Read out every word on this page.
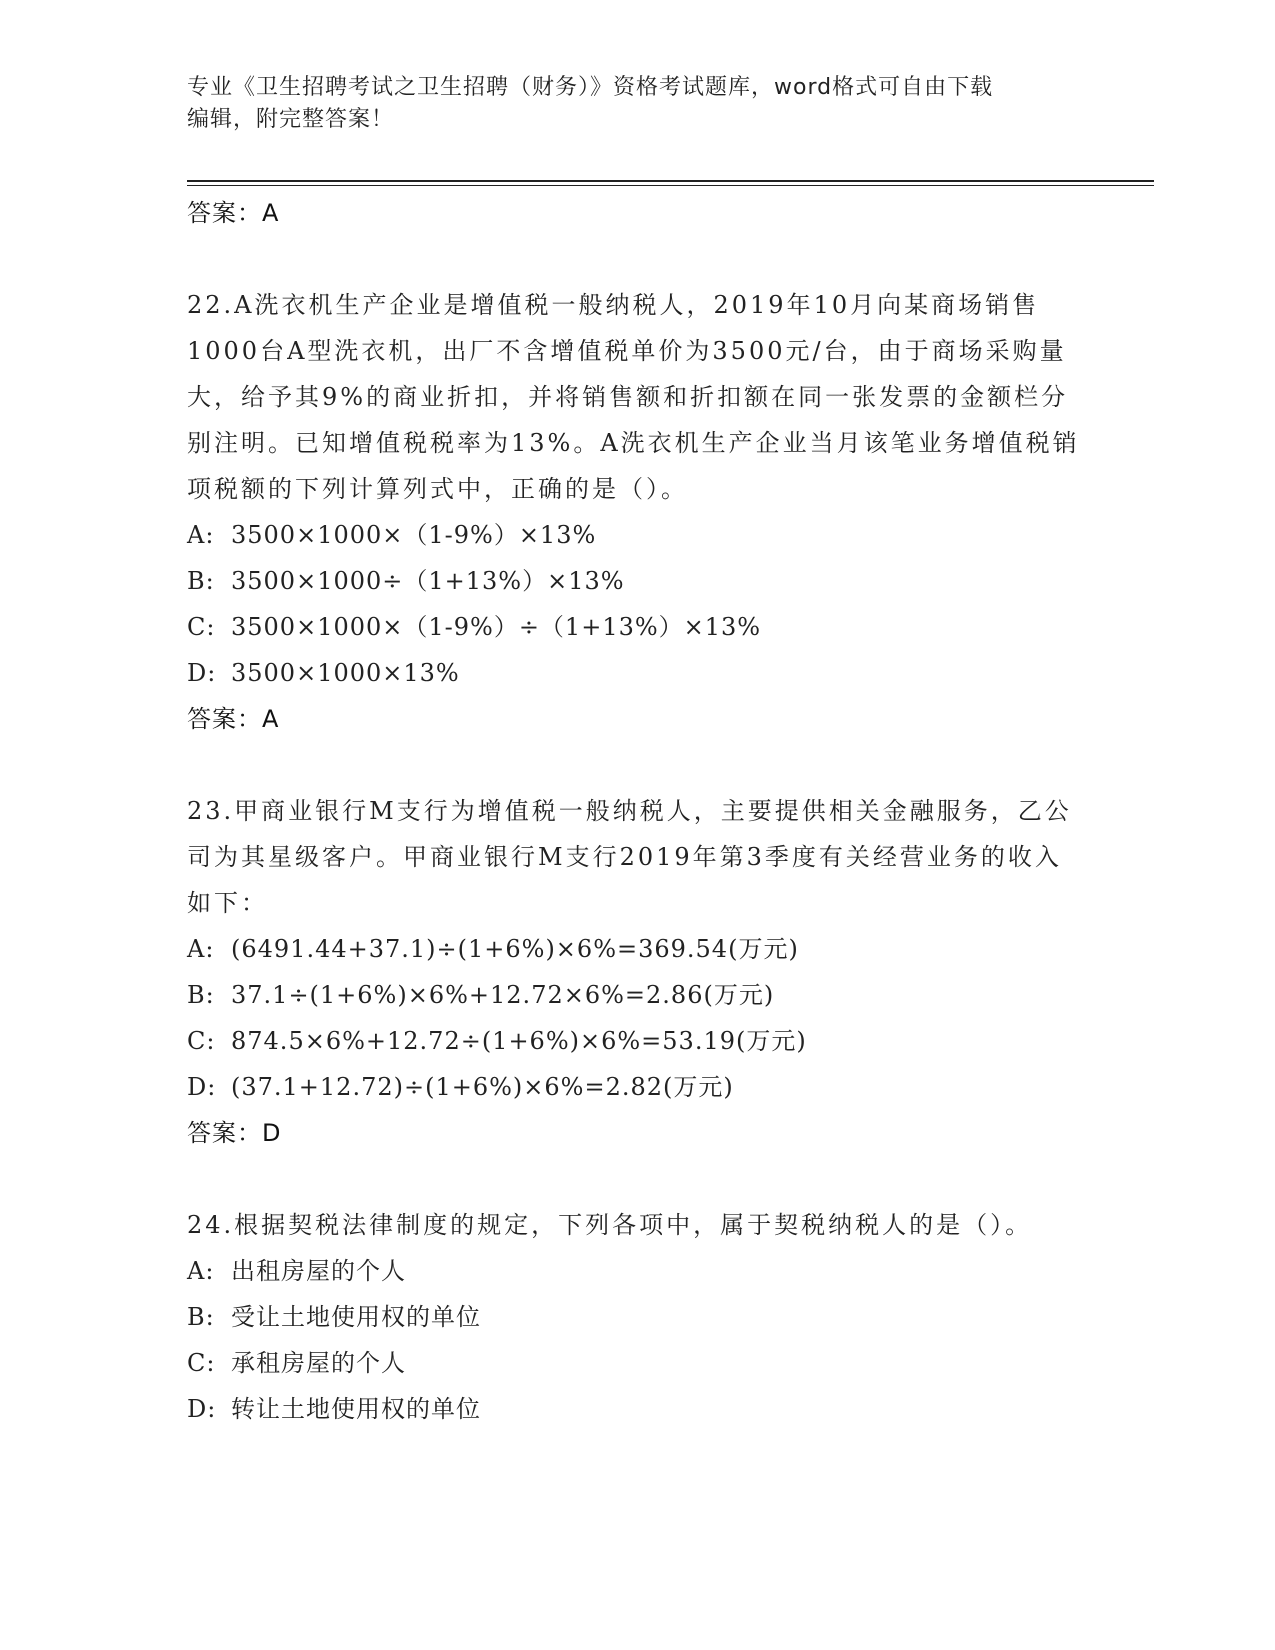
专业《卫生招聘考试之卫生招聘（财务）》资格考试题库，word格式可自由下载
编辑，附完整答案！
答案：A
22.A洗衣机生产企业是增值税一般纳税人，2019年10月向某商场销售1000台A型洗衣机，出厂不含增值税单价为3500元/台，由于商场采购量大，给予其9%的商业折扣，并将销售额和折扣额在同一张发票的金额栏分别注明。已知增值税税率为13%。A洗衣机生产企业当月该笔业务增值税销项税额的下列计算列式中，正确的是（）。
A: 3500×1000×（1-9%）×13%
B: 3500×1000÷（1+13%）×13%
C: 3500×1000×（1-9%）÷（1+13%）×13%
D: 3500×1000×13%
答案：A
23.甲商业银行M支行为增值税一般纳税人，主要提供相关金融服务，乙公司为其星级客户。甲商业银行M支行2019年第3季度有关经营业务的收入如下：
A: (6491.44+37.1)÷(1+6%)×6%=369.54(万元)
B: 37.1÷(1+6%)×6%+12.72×6%=2.86(万元)
C: 874.5×6%+12.72÷(1+6%)×6%=53.19(万元)
D: (37.1+12.72)÷(1+6%)×6%=2.82(万元)
答案：D
24.根据契税法律制度的规定，下列各项中，属于契税纳税人的是（）。
A: 出租房屋的个人
B: 受让土地使用权的单位
C: 承租房屋的个人
D: 转让土地使用权的单位
